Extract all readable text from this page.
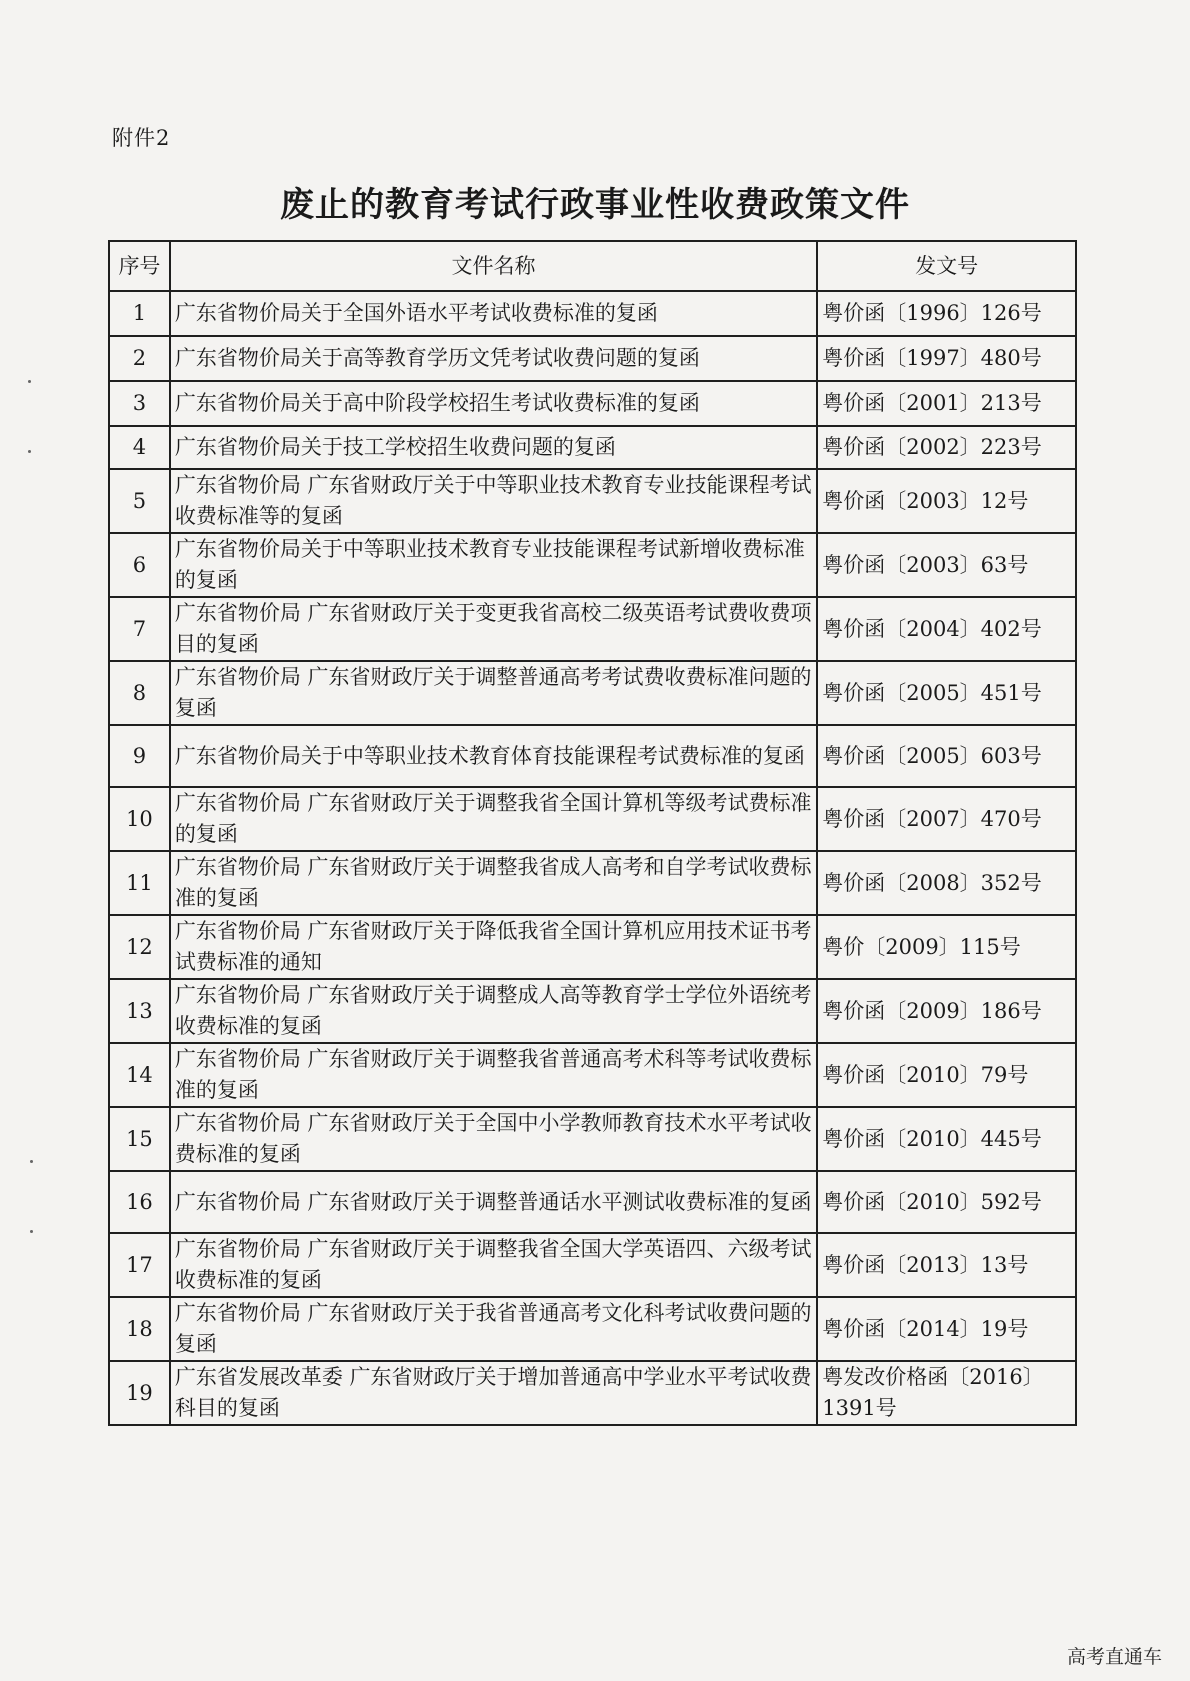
附件2
废止的教育考试行政事业性收费政策文件
序号	文件名称	发文号
1	广东省物价局关于全国外语水平考试收费标准的复函	粤价函〔1996〕126号
2	广东省物价局关于高等教育学历文凭考试收费问题的复函	粤价函〔1997〕480号
3	广东省物价局关于高中阶段学校招生考试收费标准的复函	粤价函〔2001〕213号
4	广东省物价局关于技工学校招生收费问题的复函	粤价函〔2002〕223号
5	广东省物价局 广东省财政厅关于中等职业技术教育专业技能课程考试收费标准等的复函	粤价函〔2003〕12号
6	广东省物价局关于中等职业技术教育专业技能课程考试新增收费标准的复函	粤价函〔2003〕63号
7	广东省物价局 广东省财政厅关于变更我省高校二级英语考试费收费项目的复函	粤价函〔2004〕402号
8	广东省物价局 广东省财政厅关于调整普通高考考试费收费标准问题的复函	粤价函〔2005〕451号
9	广东省物价局关于中等职业技术教育体育技能课程考试费标准的复函	粤价函〔2005〕603号
10	广东省物价局 广东省财政厅关于调整我省全国计算机等级考试费标准的复函	粤价函〔2007〕470号
11	广东省物价局 广东省财政厅关于调整我省成人高考和自学考试收费标准的复函	粤价函〔2008〕352号
12	广东省物价局 广东省财政厅关于降低我省全国计算机应用技术证书考试费标准的通知	粤价〔2009〕115号
13	广东省物价局 广东省财政厅关于调整成人高等教育学士学位外语统考收费标准的复函	粤价函〔2009〕186号
14	广东省物价局 广东省财政厅关于调整我省普通高考术科等考试收费标准的复函	粤价函〔2010〕79号
15	广东省物价局 广东省财政厅关于全国中小学教师教育技术水平考试收费标准的复函	粤价函〔2010〕445号
16	广东省物价局 广东省财政厅关于调整普通话水平测试收费标准的复函	粤价函〔2010〕592号
17	广东省物价局 广东省财政厅关于调整我省全国大学英语四、六级考试收费标准的复函	粤价函〔2013〕13号
18	广东省物价局 广东省财政厅关于我省普通高考文化科考试收费问题的复函	粤价函〔2014〕19号
19	广东省发展改革委 广东省财政厅关于增加普通高中学业水平考试收费科目的复函	粤发改价格函〔2016〕1391号
高考直通车
